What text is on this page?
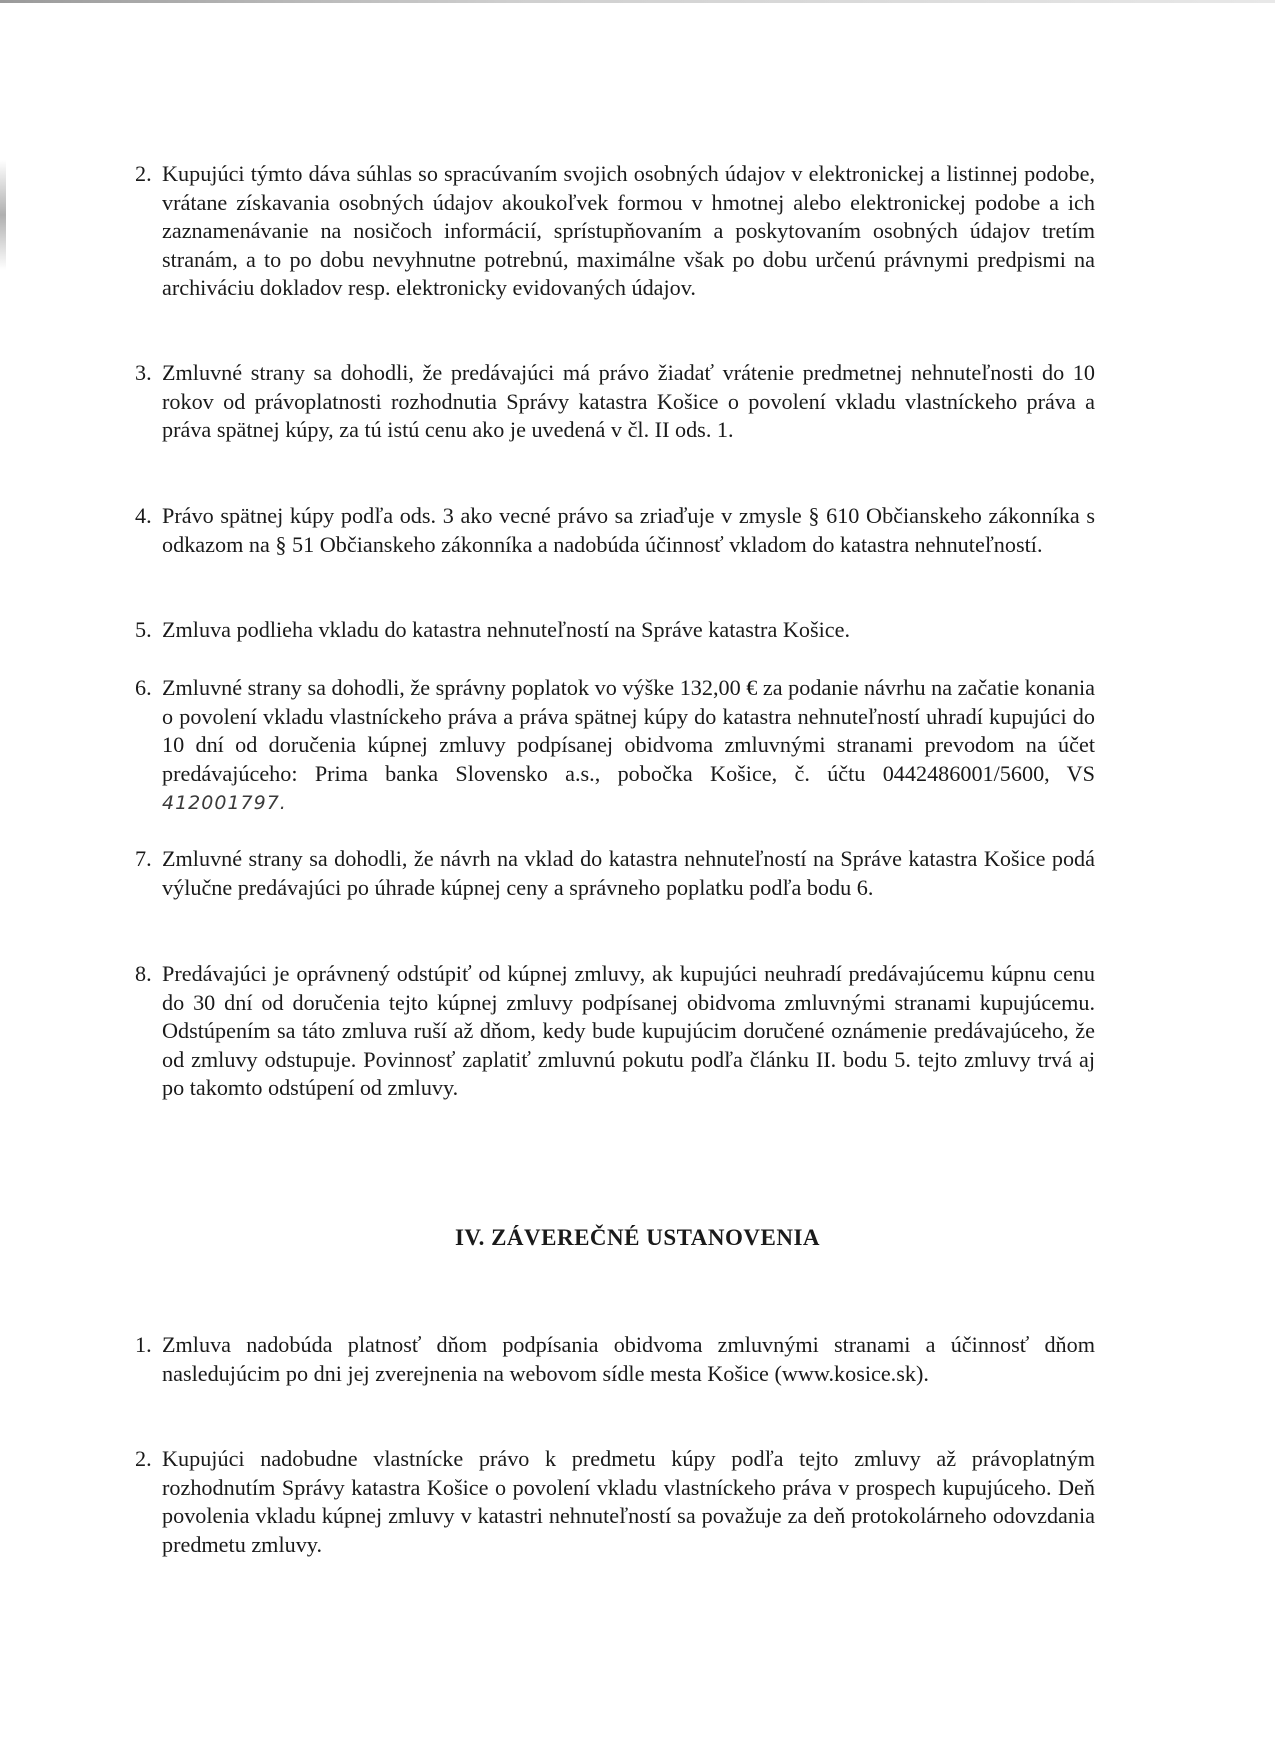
2. Kupujúci týmto dáva súhlas so spracúvaním svojich osobných údajov v elektronickej a listinnej podobe, vrátane získavania osobných údajov akoukoľvek formou v hmotnej alebo elektronickej podobe a ich zaznamenávanie na nosičoch informácií, sprístupňovaním a poskytovaním osobných údajov tretím stranám, a to po dobu nevyhnutne potrebnú, maximálne však po dobu určenú právnymi predpismi na archiváciu dokladov resp. elektronicky evidovaných údajov.
3. Zmluvné strany sa dohodli, že predávajúci má právo žiadať vrátenie predmetnej nehnuteľnosti do 10 rokov od právoplatnosti rozhodnutia Správy katastra Košice o povolení vkladu vlastníckeho práva a práva spätnej kúpy, za tú istú cenu ako je uvedená v čl. II ods. 1.
4. Právo spätnej kúpy podľa ods. 3 ako vecné právo sa zriaďuje v zmysle § 610 Občianskeho zákonníka s odkazom na § 51 Občianskeho zákonníka a nadobúda účinnosť vkladom do katastra nehnuteľností.
5. Zmluva podlieha vkladu do katastra nehnuteľností na Správe katastra Košice.
6. Zmluvné strany sa dohodli, že správny poplatok vo výške 132,00 € za podanie návrhu na začatie konania o povolení vkladu vlastníckeho práva a práva spätnej kúpy do katastra nehnuteľností uhradí kupujúci do 10 dní od doručenia kúpnej zmluvy podpísanej obidvoma zmluvnými stranami prevodom na účet predávajúceho: Prima banka Slovensko a.s., pobočka Košice, č. účtu 0442486001/5600, VS 412001797.
7. Zmluvné strany sa dohodli, že návrh na vklad do katastra nehnuteľností na Správe katastra Košice podá výlučne predávajúci po úhrade kúpnej ceny a správneho poplatku podľa bodu 6.
8. Predávajúci je oprávnený odstúpiť od kúpnej zmluvy, ak kupujúci neuhradí predávajúcemu kúpnu cenu do 30 dní od doručenia tejto kúpnej zmluvy podpísanej obidvoma zmluvnými stranami kupujúcemu. Odstúpením sa táto zmluva ruší až dňom, kedy bude kupujúcim doručené oznámenie predávajúceho, že od zmluvy odstupuje. Povinnosť zaplatiť zmluvnú pokutu podľa článku II. bodu 5. tejto zmluvy trvá aj po takomto odstúpení od zmluvy.
IV. ZÁVEREČNÉ USTANOVENIA
1. Zmluva nadobúda platnosť dňom podpísania obidvoma zmluvnými stranami a účinnosť dňom nasledujúcim po dni jej zverejnenia na webovom sídle mesta Košice (www.kosice.sk).
2. Kupujúci nadobudne vlastnícke právo k predmetu kúpy podľa tejto zmluvy až právoplatným rozhodnutím Správy katastra Košice o povolení vkladu vlastníckeho práva v prospech kupujúceho. Deň povolenia vkladu kúpnej zmluvy v katastri nehnuteľností sa považuje za deň protokolárneho odovzdania predmetu zmluvy.
